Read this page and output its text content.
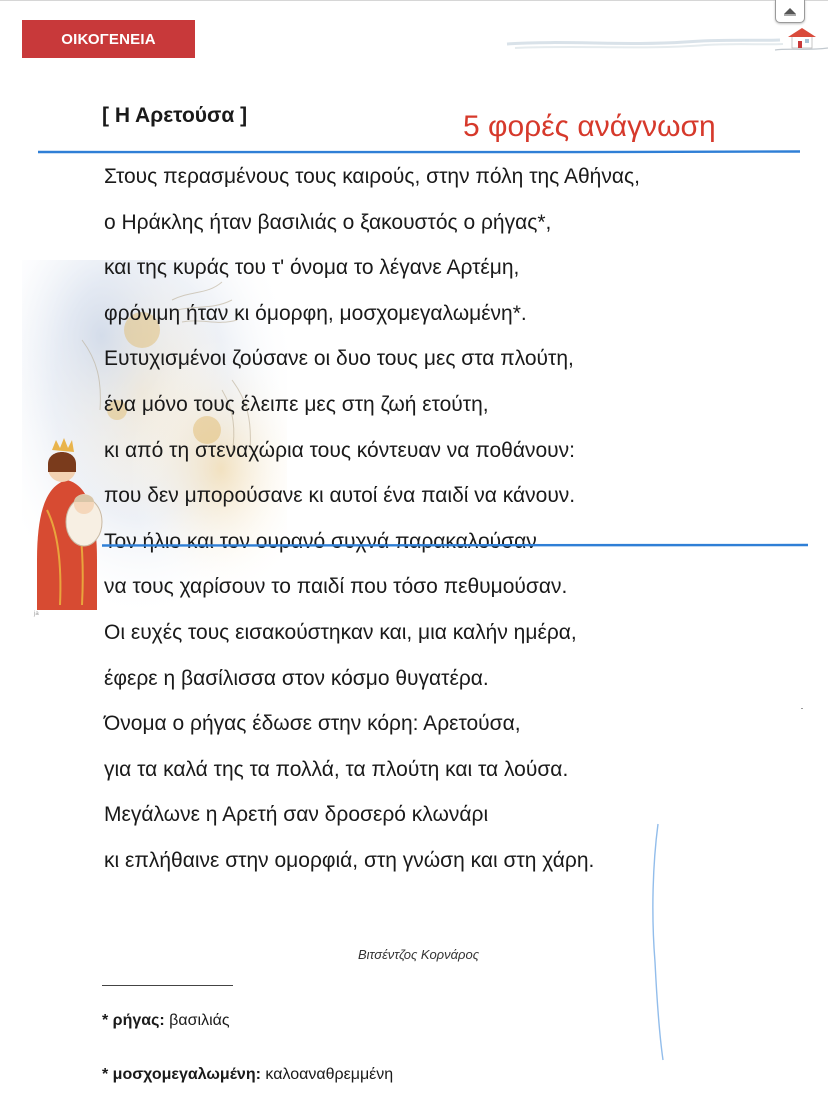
ΟΙΚΟΓΕΝΕΙΑ
ja
[ Η Αρετούσα ]	5 φορές ανάγνωση
Στους περασμένους τους καιρούς, στην πόλη της Αθήνας,
ο Ηράκλης ήταν βασιλιάς ο ξακουστός ο ρήγας*,
και της κυράς του τ' όνομα το λέγανε Αρτέμη,
φρόνιμη ήταν κι όμορφη, μοσχομεγαλωμένη*.
Ευτυχισμένοι ζούσανε οι δυο τους μες στα πλούτη,
ένα μόνο τους έλειπε μες στη ζωή ετούτη,
κι από τη στεναχώρια τους κόντευαν να ποθάνουν:
που δεν μπορούσανε κι αυτοί ένα παιδί να κάνουν.
Τον ήλιο και τον ουρανό συχνά παρακαλούσαν
να τους χαρίσουν το παιδί που τόσο πεθυμούσαν.
Οι ευχές τους εισακούστηκαν και, μια καλήν ημέρα,
έφερε η βασίλισσα στον κόσμο θυγατέρα.
Όνομα ο ρήγας έδωσε στην κόρη: Αρετούσα,
για τα καλά της τα πολλά, τα πλούτη και τα λούσα.
Μεγάλωνε η Αρετή σαν δροσερό κλωνάρι
κι επλήθαινε στην ομορφιά, στη γνώση και στη χάρη.
Βιτσέντζος Κορνάρος
* ρήγας: βασιλιάς
* μοσχομεγαλωμένη: καλοαναθρεμμένη
